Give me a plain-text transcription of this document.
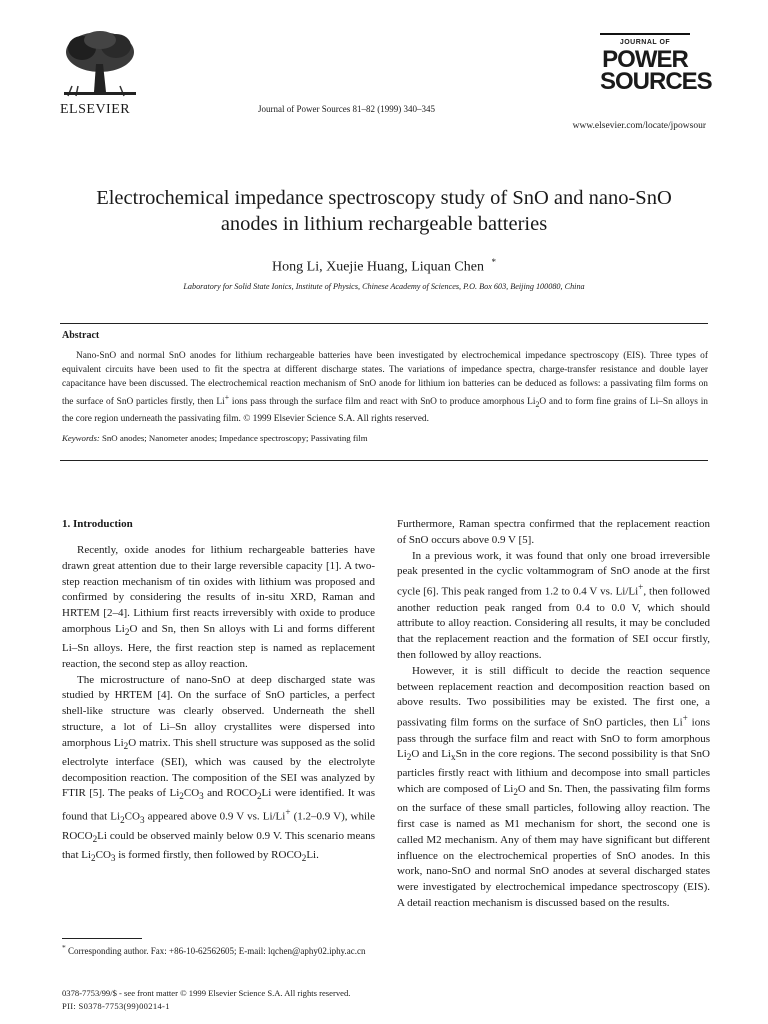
ELSEVIER	Journal of Power Sources 81–82 (1999) 340–345
JOURNAL OF
POWER
SOURCES
www.elsevier.com/locate/jpowsour
Electrochemical impedance spectroscopy study of SnO and nano-SnO
anodes in lithium rechargeable batteries
Hong Li, Xuejie Huang, Liquan Chen *
Laboratory for Solid State Ionics, Institute of Physics, Chinese Academy of Sciences, P.O. Box 603, Beijing 100080, China
Abstract

Nano-SnO and normal SnO anodes for lithium rechargeable batteries have been investigated by electrochemical impedance spectroscopy (EIS). Three types of equivalent circuits have been used to fit the spectra at different discharge states. The variations of impedance spectra, charge-transfer resistance and double layer capacitance have been discussed. The electrochemical reaction mechanism of SnO anode for lithium ion batteries can be deduced as follows: a passivating film forms on the surface of SnO particles firstly, then Li+ ions pass through the surface film and react with SnO to produce amorphous $Li_2O$ and to form fine grains of Li–Sn alloys in the core region underneath the passivating film. © 1999 Elsevier Science S.A. All rights reserved.

Keywords: SnO anodes; Nanometer anodes; Impedance spectroscopy; Passivating film
1. Introduction

Recently, oxide anodes for lithium rechargeable batteries have drawn great attention due to their large reversible capacity [1]. A two-step reaction mechanism of tin oxides with lithium was proposed and confirmed by considering the results of in-situ XRD, Raman and HRTEM [2–4]. Lithium first reacts irreversibly with oxide to produce amorphous $Li_2O$ and Sn, then Sn alloys with Li and forms different Li–Sn alloys. Here, the first reaction step is named as replacement reaction, the second step as alloy reaction.

The microstructure of nano-SnO at deep discharged state was studied by HRTEM [4]. On the surface of SnO particles, a perfect shell-like structure was clearly observed. Underneath the shell structure, a lot of Li–Sn alloy crystallites were dispersed into amorphous $Li_2O$ matrix. This shell structure was supposed as the solid electrolyte interface (SEI), which was caused by the electrolyte decomposition reaction. The composition of the SEI was analyzed by FTIR [5]. The peaks of $Li_2CO_3$ and $ROCO_2Li$ were identified. It was found that $Li_2CO_3$ appeared above 0.9 V vs. Li/Li+ (1.2–0.9 V), while $ROCO_2Li$ could be observed mainly below 0.9 V. This scenario means that $Li_2CO_3$ is formed firstly, then followed by $ROCO_2Li$.

Furthermore, Raman spectra confirmed that the replacement reaction of SnO occurs above 0.9 V [5].

In a previous work, it was found that only one broad irreversible peak presented in the cyclic voltammogram of SnO anode at the first cycle [6]. This peak ranged from 1.2 to 0.4 V vs. Li/Li+, then followed another reduction peak ranged from 0.4 to 0.0 V, which should attribute to alloy reaction. Considering all results, it may be concluded that the replacement reaction and the formation of SEI occur firstly, then followed by alloy reactions.

However, it is still difficult to decide the reaction sequence between replacement reaction and decomposition reaction based on above results. Two possibilities may be existed. The first one, a passivating film forms on the surface of SnO particles, then Li+ ions pass through the surface film and react with SnO to form amorphous $Li_2O$ and $Li_xSn$ in the core regions. The second possibility is that SnO particles firstly react with lithium and decompose into small particles which are composed of $Li_2O$ and Sn. Then, the passivating film forms on the surface of these small particles, following alloy reaction. The first case is named as M1 mechanism for short, the second one is called M2 mechanism. Any of them may have significant but different influence on the electrochemical properties of SnO anodes. In this work, nano-SnO and normal SnO anodes at several discharged states were investigated by electrochemical impedance spectroscopy (EIS). A detail reaction mechanism is discussed based on the results.

* Corresponding author. Fax: +86-10-62562605; E-mail: lqchen@aphy02.iphy.ac.cn
0378-7753/99/$ - see front matter © 1999 Elsevier Science S.A. All rights reserved.
PII: S0378-7753(99)00214-1
